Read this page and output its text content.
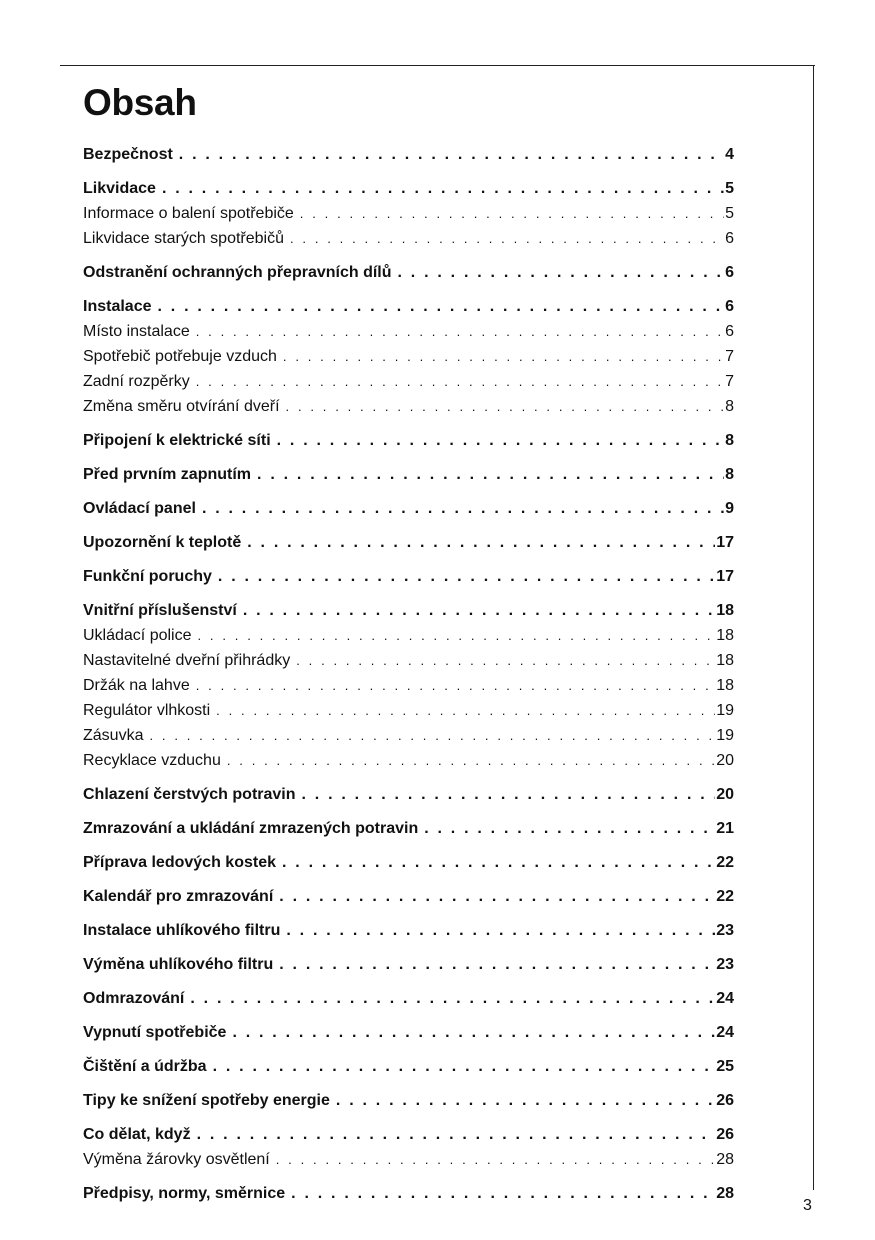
Obsah
Bezpečnost . . .	4
Likvidace . . .	5
Informace o balení spotřebiče . . .	5
Likvidace starých spotřebičů . . .	6
Odstranění ochranných přepravních dílů . . .	6
Instalace . . .	6
Místo instalace . . .	6
Spotřebič potřebuje vzduch . . .	7
Zadní rozpěrky . . .	7
Změna směru otvírání dveří . . .	8
Připojení k elektrické síti . . .	8
Před prvním zapnutím . . .	8
Ovládací panel . . .	9
Upozornění k teplotě . . .	17
Funkční poruchy . . .	17
Vnitřní příslušenství . . .	18
Ukládací police . . .	18
Nastavitelné dveřní přihrádky . . .	18
Držák na lahve . . .	18
Regulátor vlhkosti . . .	19
Zásuvka . . .	19
Recyklace vzduchu . . .	20
Chlazení čerstvých potravin . . .	20
Zmrazování a ukládání zmrazených potravin . . .	21
Příprava ledových kostek . . .	22
Kalendář pro zmrazování . . .	22
Instalace uhlíkového filtru . . .	23
Výměna uhlíkového filtru . . .	23
Odmrazování . . .	24
Vypnutí spotřebiče . . .	24
Čištění a údržba . . .	25
Tipy ke snížení spotřeby energie . . .	26
Co dělat, když . . .	26
Výměna žárovky osvětlení . . .	28
Předpisy, normy, směrnice . . .	28
3
